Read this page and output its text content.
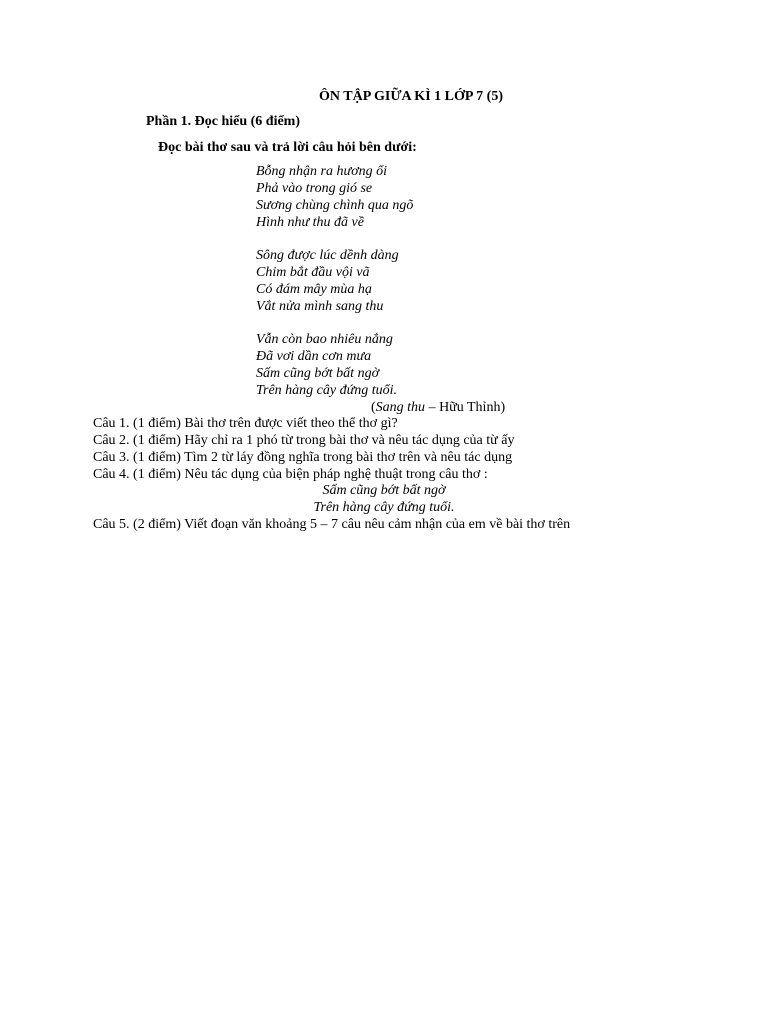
ÔN TẬP GIỮA KÌ 1 LỚP 7 (5)
Phần 1. Đọc hiểu (6 điểm)
Đọc bài thơ sau và trả lời câu hỏi bên dưới:
Bỗng nhận ra hương ổi
Phả vào trong gió se
Sương chùng chình qua ngõ
Hình như thu đã về
Sông được lúc dềnh dàng
Chim bắt đầu vội vã
Có đám mây mùa hạ
Vắt nửa mình sang thu
Vẫn còn bao nhiêu nắng
Đã vơi dần cơn mưa
Sấm cũng bớt bất ngờ
Trên hàng cây đứng tuổi.
(Sang thu – Hữu Thỉnh)
Câu 1. (1 điểm) Bài thơ trên được viết theo thể thơ gì?
Câu 2. (1 điểm) Hãy chỉ ra 1 phó từ trong bài thơ và nêu tác dụng của từ ấy
Câu 3. (1 điểm) Tìm 2 từ láy đồng nghĩa trong bài thơ trên và nêu tác dụng
Câu 4. (1 điểm) Nêu tác dụng của biện pháp nghệ thuật trong câu thơ :
Sấm cũng bớt bất ngờ
Trên hàng cây đứng tuổi.
Câu 5. (2 điểm) Viết đoạn văn khoảng 5 – 7 câu nêu cảm nhận của em về bài thơ trên
